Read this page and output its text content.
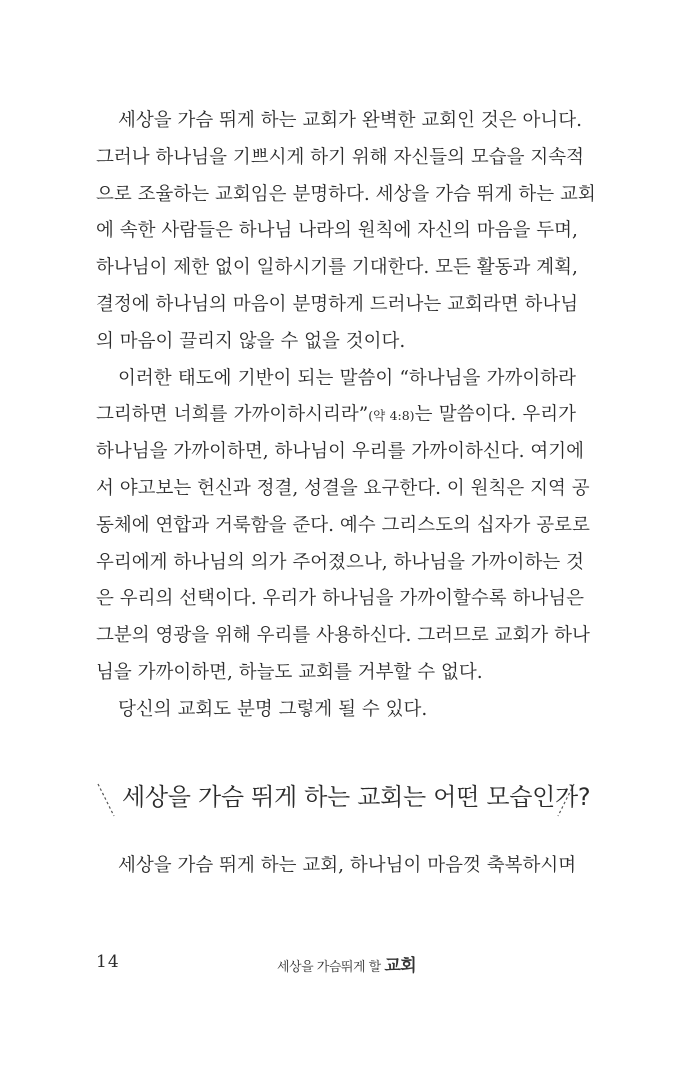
세상을 가슴 뛰게 하는 교회가 완벽한 교회인 것은 아니다.
그러나 하나님을 기쁘시게 하기 위해 자신들의 모습을 지속적
으로 조율하는 교회임은 분명하다. 세상을 가슴 뛰게 하는 교회
에 속한 사람들은 하나님 나라의 원칙에 자신의 마음을 두며,
하나님이 제한 없이 일하시기를 기대한다. 모든 활동과 계획,
결정에 하나님의 마음이 분명하게 드러나는 교회라면 하나님
의 마음이 끌리지 않을 수 없을 것이다.
이러한 태도에 기반이 되는 말씀이 “하나님을 가까이하라
그리하면 너희를 가까이하시리라”(약 4:8)는 말씀이다. 우리가
하나님을 가까이하면, 하나님이 우리를 가까이하신다. 여기에
서 야고보는 헌신과 정결, 성결을 요구한다. 이 원칙은 지역 공
동체에 연합과 거룩함을 준다. 예수 그리스도의 십자가 공로로
우리에게 하나님의 의가 주어졌으나, 하나님을 가까이하는 것
은 우리의 선택이다. 우리가 하나님을 가까이할수록 하나님은
그분의 영광을 위해 우리를 사용하신다. 그러므로 교회가 하나
님을 가까이하면, 하늘도 교회를 거부할 수 없다.
당신의 교회도 분명 그렇게 될 수 있다.
세상을 가슴 뛰게 하는 교회는 어떤 모습인가?
세상을 가슴 뛰게 하는 교회, 하나님이 마음껏 축복하시며
14	세상을 가슴뛰게 할 교회
